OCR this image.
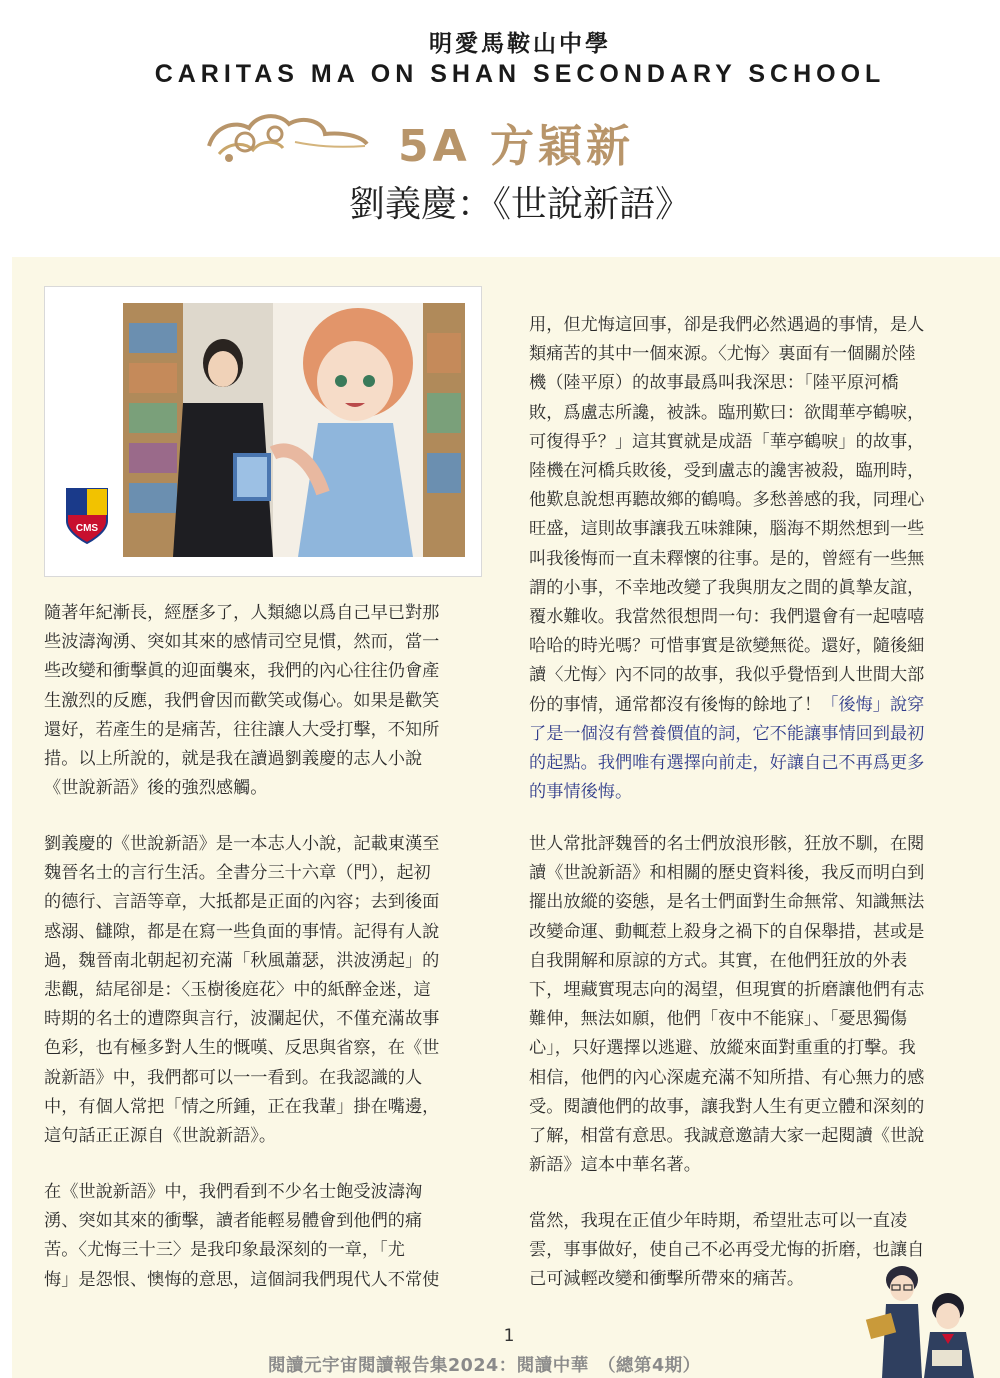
明愛馬鞍山中學
CARITAS MA ON SHAN SECONDARY SCHOOL
5A 方穎新
劉義慶：《世說新語》
CMS

隨著年紀漸長，經歷多了，人類總以爲自己早已對那

些波濤洶湧、突如其來的感情司空見慣，然而，當一

些改變和衝擊眞的迎面襲來，我們的內心往往仍會產

生激烈的反應，我們會因而歡笑或傷心。如果是歡笑

還好，若產生的是痛苦，往往讓人大受打擊，不知所

措。以上所說的，就是我在讀過劉義慶的志人小說

《世說新語》後的強烈感觸。

劉義慶的《世說新語》是一本志人小說，記載東漢至

魏晉名士的言行生活。全書分三十六章（門），起初

的德行、言語等章，大抵都是正面的內容；去到後面

惑溺、讎隙，都是在寫一些負面的事情。記得有人說

過，魏晉南北朝起初充滿「秋風蕭瑟，洪波湧起」的

悲觀，結尾卻是：〈玉樹後庭花〉中的紙醉金迷，這

時期的名士的遭際與言行，波瀾起伏，不僅充滿故事

色彩，也有極多對人生的慨嘆、反思與省察，在《世

說新語》中，我們都可以一一看到。在我認識的人

中，有個人常把「情之所鍾，正在我輩」掛在嘴邊，

這句話正正源自《世說新語》。

在《世說新語》中，我們看到不少名士飽受波濤洶

湧、突如其來的衝擊，讀者能輕易體會到他們的痛

苦。〈尤悔三十三〉是我印象最深刻的一章，「尤

悔」是怨恨、懊悔的意思，這個詞我們現代人不常使

用，但尤悔這回事，卻是我們必然遇過的事情，是人

類痛苦的其中一個來源。〈尤悔〉裏面有一個關於陸

機（陸平原）的故事最爲叫我深思：「陸平原河橋

敗，爲盧志所讒，被誅。臨刑歎曰：欲聞華亭鶴唳，

可復得乎？」這其實就是成語「華亭鶴唳」的故事，

陸機在河橋兵敗後，受到盧志的讒害被殺，臨刑時，

他歎息說想再聽故鄉的鶴鳴。多愁善感的我，同理心

旺盛，這則故事讓我五味雜陳，腦海不期然想到一些

叫我後悔而一直未釋懷的往事。是的，曾經有一些無

謂的小事，不幸地改變了我與朋友之間的眞摯友誼，

覆水難收。我當然很想問一句：我們還會有一起嘻嘻

哈哈的時光嗎？可惜事實是欲變無從。還好，隨後細

讀〈尤悔〉內不同的故事，我似乎覺悟到人世間大部

份的事情，通常都沒有後悔的餘地了！「後悔」說穿

了是一個沒有營養價值的詞，它不能讓事情回到最初

的起點。我們唯有選擇向前走，好讓自己不再爲更多

的事情後悔。

世人常批評魏晉的名士們放浪形骸，狂放不馴，在閱

讀《世說新語》和相關的歷史資料後，我反而明白到

擺出放縱的姿態，是名士們面對生命無常、知識無法

改變命運、動輒惹上殺身之禍下的自保舉措，甚或是

自我開解和原諒的方式。其實，在他們狂放的外表

下，埋藏實現志向的渴望，但現實的折磨讓他們有志

難伸，無法如願，他們「夜中不能寐」、「憂思獨傷

心」，只好選擇以逃避、放縱來面對重重的打擊。我

相信，他們的內心深處充滿不知所措、有心無力的感

受。閱讀他們的故事，讓我對人生有更立體和深刻的

了解，相當有意思。我誠意邀請大家一起閱讀《世說

新語》這本中華名著。

當然，我現在正值少年時期，希望壯志可以一直凌

雲，事事做好，使自己不必再受尤悔的折磨，也讓自

己可減輕改變和衝擊所帶來的痛苦。

1
閱讀元宇宙閱讀報告集2024：閱讀中華　（總第4期）
